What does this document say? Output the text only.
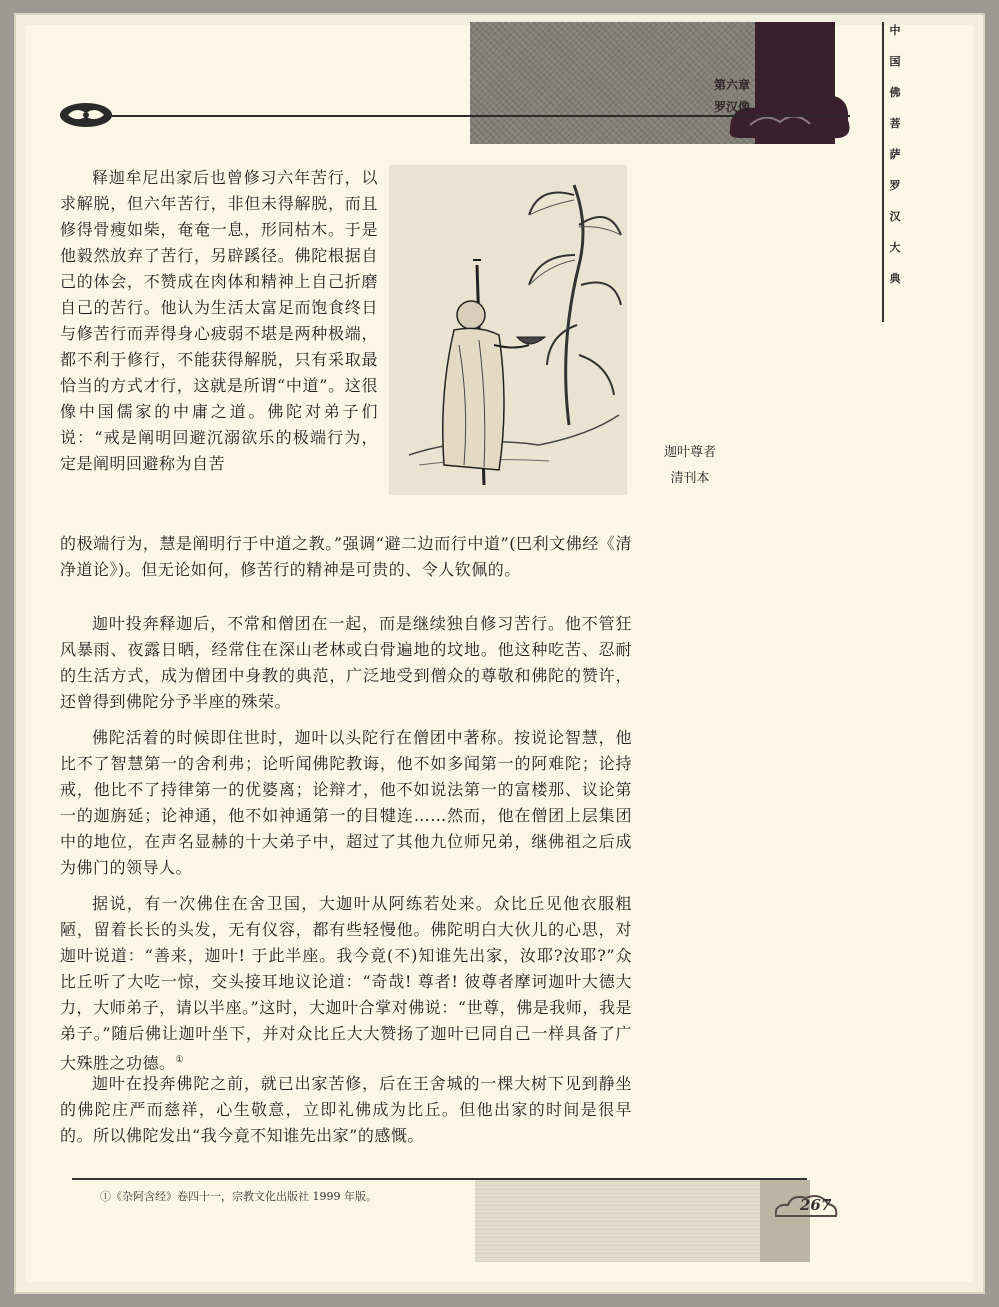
第六章
罗汉像
中
国
佛
菩
萨
罗
汉
大
典
迦叶尊者
清刊本

释迦牟尼出家后也曾修习六年苦行，以求解脱，但六年苦行，非但未得解脱，而且修得骨瘦如柴，奄奄一息，形同枯木。于是他毅然放弃了苦行，另辟蹊径。佛陀根据自己的体会，不赞成在肉体和精神上自己折磨自己的苦行。他认为生活太富足而饱食终日与修苦行而弄得身心疲弱不堪是两种极端，都不利于修行，不能获得解脱，只有采取最恰当的方式才行，这就是所谓“中道”。这很像中国儒家的中庸之道。佛陀对弟子们说：“戒是阐明回避沉溺欲乐的极端行为，定是阐明回避称为自苦

的极端行为，慧是阐明行于中道之教。”强调“避二边而行中道”(巴利文佛经《清净道论》)。但无论如何，修苦行的精神是可贵的、令人钦佩的。

迦叶投奔释迦后，不常和僧团在一起，而是继续独自修习苦行。他不管狂风暴雨、夜露日晒，经常住在深山老林或白骨遍地的坟地。他这种吃苦、忍耐的生活方式，成为僧团中身教的典范，广泛地受到僧众的尊敬和佛陀的赞许，还曾得到佛陀分予半座的殊荣。

佛陀活着的时候即住世时，迦叶以头陀行在僧团中著称。按说论智慧，他比不了智慧第一的舍利弗；论听闻佛陀教诲，他不如多闻第一的阿难陀；论持戒，他比不了持律第一的优婆离；论辩才，他不如说法第一的富楼那、议论第一的迦旃延；论神通，他不如神通第一的目犍连……然而，他在僧团上层集团中的地位，在声名显赫的十大弟子中，超过了其他九位师兄弟，继佛祖之后成为佛门的领导人。

据说，有一次佛住在舍卫国，大迦叶从阿练若处来。众比丘见他衣服粗陋，留着长长的头发，无有仪容，都有些轻慢他。佛陀明白大伙儿的心思，对迦叶说道：“善来，迦叶! 于此半座。我今竟(不)知谁先出家，汝耶?汝耶?”众比丘听了大吃一惊，交头接耳地议论道：“奇哉! 尊者! 彼尊者摩诃迦叶大德大力，大师弟子，请以半座。”这时，大迦叶合掌对佛说：“世尊，佛是我师，我是弟子。”随后佛让迦叶坐下，并对众比丘大大赞扬了迦叶已同自己一样具备了广大殊胜之功德。①

迦叶在投奔佛陀之前，就已出家苦修，后在王舍城的一棵大树下见到静坐的佛陀庄严而慈祥，心生敬意，立即礼佛成为比丘。但他出家的时间是很早的。所以佛陀发出“我今竟不知谁先出家”的感慨。

①《杂阿含经》卷四十一，宗教文化出版社 1999 年版。	267
